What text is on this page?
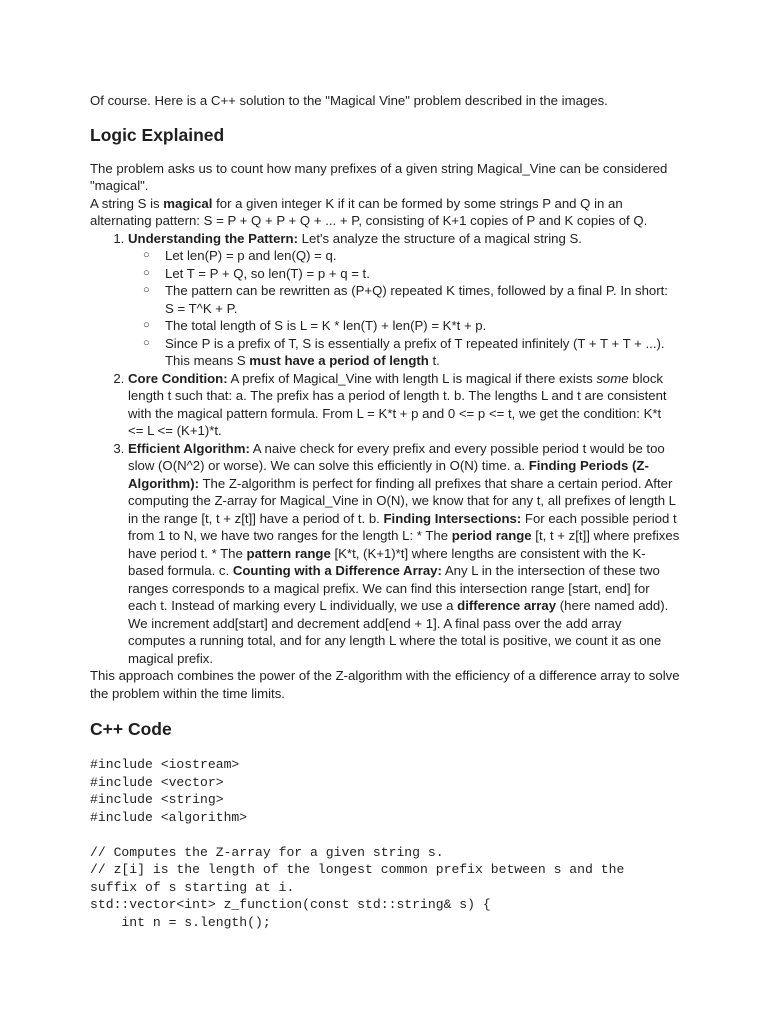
Of course. Here is a C++ solution to the "Magical Vine" problem described in the images.

Logic Explained

The problem asks us to count how many prefixes of a given string Magical_Vine can be considered "magical".

A string S is magical for a given integer K if it can be formed by some strings P and Q in an alternating pattern: S = P + Q + P + Q + ... + P, consisting of K+1 copies of P and K copies of Q.

1. Understanding the Pattern: Let's analyze the structure of a magical string S.
○ Let len(P) = p and len(Q) = q.
○ Let T = P + Q, so len(T) = p + q = t.
○ The pattern can be rewritten as (P+Q) repeated K times, followed by a final P. In short: S = T^K + P.
○ The total length of S is L = K * len(T) + len(P) = K*t + p.
○ Since P is a prefix of T, S is essentially a prefix of T repeated infinitely (T + T + T + ...). This means S must have a period of length t.
2. Core Condition: A prefix of Magical_Vine with length L is magical if there exists some block length t such that: a. The prefix has a period of length t. b. The lengths L and t are consistent with the magical pattern formula. From L = K*t + p and 0 <= p <= t, we get the condition: K*t <= L <= (K+1)*t.
3. Efficient Algorithm: A naive check for every prefix and every possible period t would be too slow (O(N^2) or worse). We can solve this efficiently in O(N) time. a. Finding Periods (Z-Algorithm): The Z-algorithm is perfect for finding all prefixes that share a certain period. After computing the Z-array for Magical_Vine in O(N), we know that for any t, all prefixes of length L in the range [t, t + z[t]] have a period of t. b. Finding Intersections: For each possible period t from 1 to N, we have two ranges for the length L: * The period range [t, t + z[t]] where prefixes have period t. * The pattern range [K*t, (K+1)*t] where lengths are consistent with the K-based formula. c. Counting with a Difference Array: Any L in the intersection of these two ranges corresponds to a magical prefix. We can find this intersection range [start, end] for each t. Instead of marking every L individually, we use a difference array (here named add). We increment add[start] and decrement add[end + 1]. A final pass over the add array computes a running total, and for any length L where the total is positive, we count it as one magical prefix.

This approach combines the power of the Z-algorithm with the efficiency of a difference array to solve the problem within the time limits.

C++ Code
#include <iostream>
#include <vector>
#include <string>
#include <algorithm>
// Computes the Z-array for a given string s.
// z[i] is the length of the longest common prefix between s and the
suffix of s starting at i.
std::vector<int> z_function(const std::string& s) {
int n = s.length();
